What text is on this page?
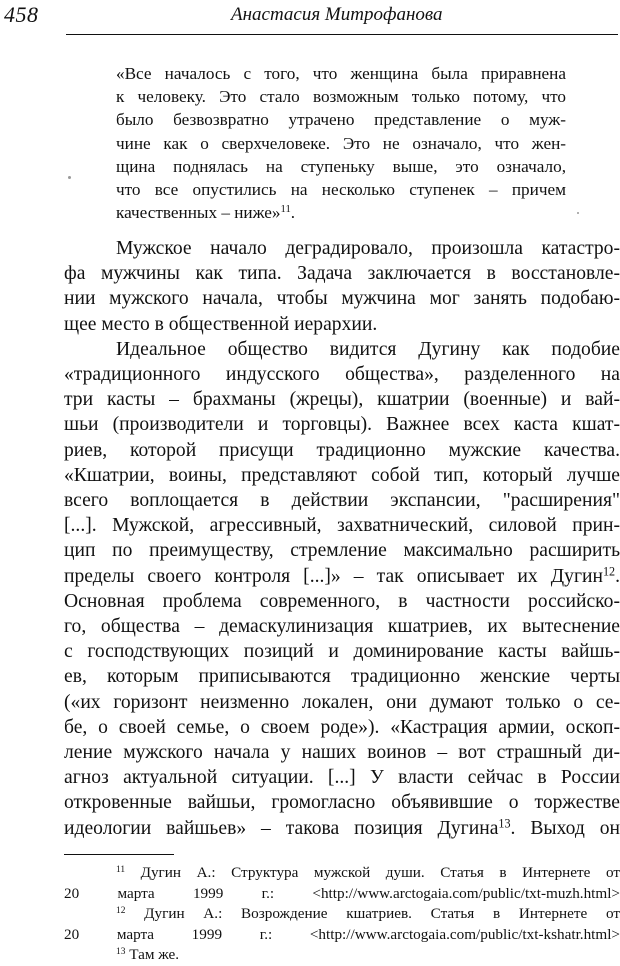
458	Анастасия Митрофанова
«Все началось с того, что женщина была приравнена
к человеку. Это стало возможным только потому, что
было безвозвратно утрачено представление о муж-
чине как о сверхчеловеке. Это не означало, что жен-
щина поднялась на ступеньку выше, это означало,
что все опустились на несколько ступенек – причем
качественных – ниже»$^{11}$.
Мужское начало деградировало, произошла катастро-
фа мужчины как типа. Задача заключается в восстановле-
нии мужского начала, чтобы мужчина мог занять подобаю-
щее место в общественной иерархии.
Идеальное общество видится Дугину как подобие
«традиционного индусского общества», разделенного на
три касты – брахманы (жрецы), кшатрии (военные) и вай-
шьи (производители и торговцы). Важнее всех каста кшат-
риев, которой присущи традиционно мужские качества.
«Кшатрии, воины, представляют собой тип, который лучше
всего воплощается в действии экспансии, "расширения"
[...]. Мужской, агрессивный, захватнический, силовой прин-
цип по преимуществу, стремление максимально расширить
пределы своего контроля [...]» – так описывает их Дугин$^{12}$.
Основная проблема современного, в частности российско-
го, общества – демаскулинизация кшатриев, их вытеснение
с господствующих позиций и доминирование касты вайшь-
ев, которым приписываются традиционно женские черты
(«их горизонт неизменно локален, они думают только о се-
бе, о своей семье, о своем роде»). «Кастрация армии, оскоп-
ление мужского начала у наших воинов – вот страшный ди-
агноз актуальной ситуации. [...] У власти сейчас в России
откровенные вайшьи, громогласно объявившие о торжестве
идеологии вайшьев» – такова позиция Дугина$^{13}$. Выход он
$^{11}$ Дугин А.: Структура мужской души. Статья в Интернете от
20 марта 1999 г.: <http://www.arctogaia.com/public/txt-muzh.html>
$^{12}$ Дугин А.: Возрождение кшатриев. Статья в Интернете от
20 марта 1999 г.: <http://www.arctogaia.com/public/txt-kshatr.html>
$^{13}$ Там же.
